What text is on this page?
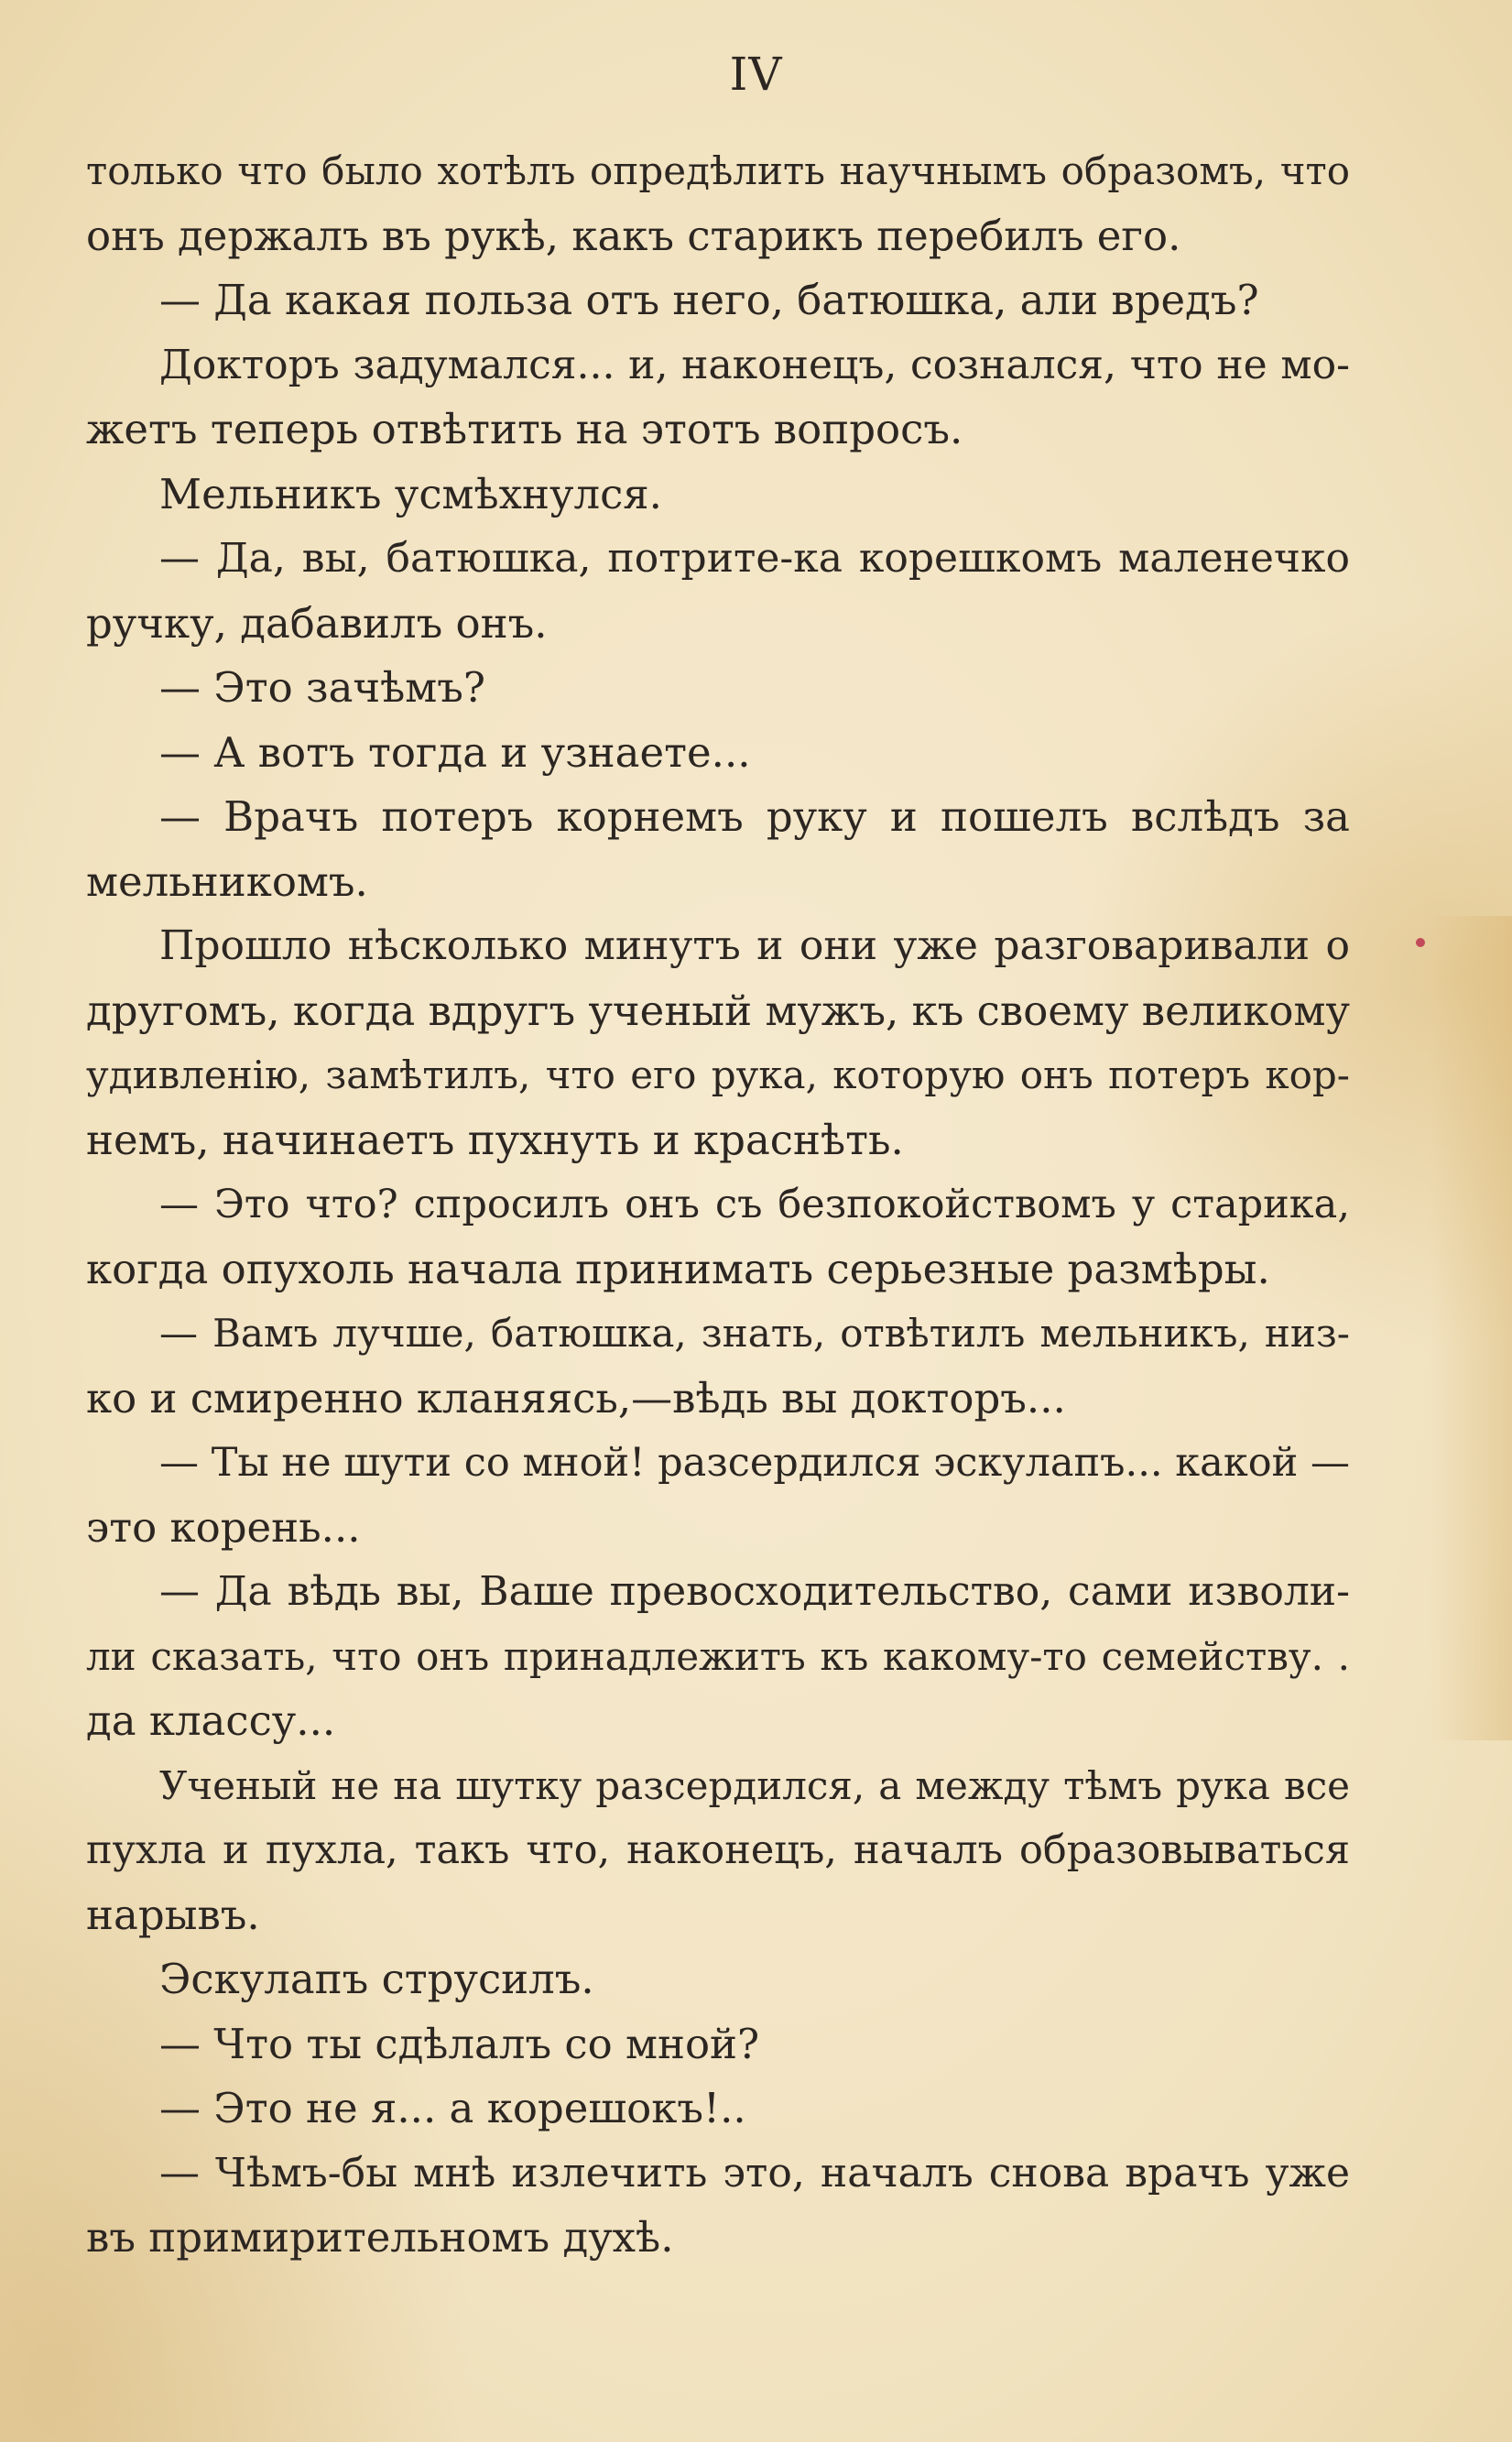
IV
только что было хотѣлъ опредѣлить научнымъ образомъ, что
онъ держалъ въ рукѣ, какъ старикъ перебилъ его.
— Да какая польза отъ него, батюшка, али вредъ?
Докторъ задумался... и, наконецъ, сознался, что не мо-
жетъ теперь отвѣтить на этотъ вопросъ.
Мельникъ усмѣхнулся.
— Да, вы, батюшка, потрите-ка корешкомъ маленечко
ручку, дабавилъ онъ.
— Это зачѣмъ?
— А вотъ тогда и узнаете...
— Врачъ потеръ корнемъ руку и пошелъ вслѣдъ за
мельникомъ.
Прошло нѣсколько минутъ и они уже разговаривали о
другомъ, когда вдругъ ученый мужъ, къ своему великому
удивленію, замѣтилъ, что его рука, которую онъ потеръ кор-
немъ, начинаетъ пухнуть и краснѣть.
— Это что? спросилъ онъ съ безпокойствомъ у старика,
когда опухоль начала принимать серьезные размѣры.
— Вамъ лучше, батюшка, знать, отвѣтилъ мельникъ, низ-
ко и смиренно кланяясь,—вѣдь вы докторъ...
— Ты не шути со мной! разсердился эскулапъ... какой —
это корень...
— Да вѣдь вы, Ваше превосходительство, сами изволи-
ли сказать, что онъ принадлежитъ къ какому-то семейству. .
да классу...
Ученый не на шутку разсердился, а между тѣмъ рука все
пухла и пухла, такъ что, наконецъ, началъ образовываться
нарывъ.
Эскулапъ струсилъ.
— Что ты сдѣлалъ со мной?
— Это не я... а корешокъ!..
— Чѣмъ-бы мнѣ излечить это, началъ снова врачъ уже
въ примирительномъ духѣ.
